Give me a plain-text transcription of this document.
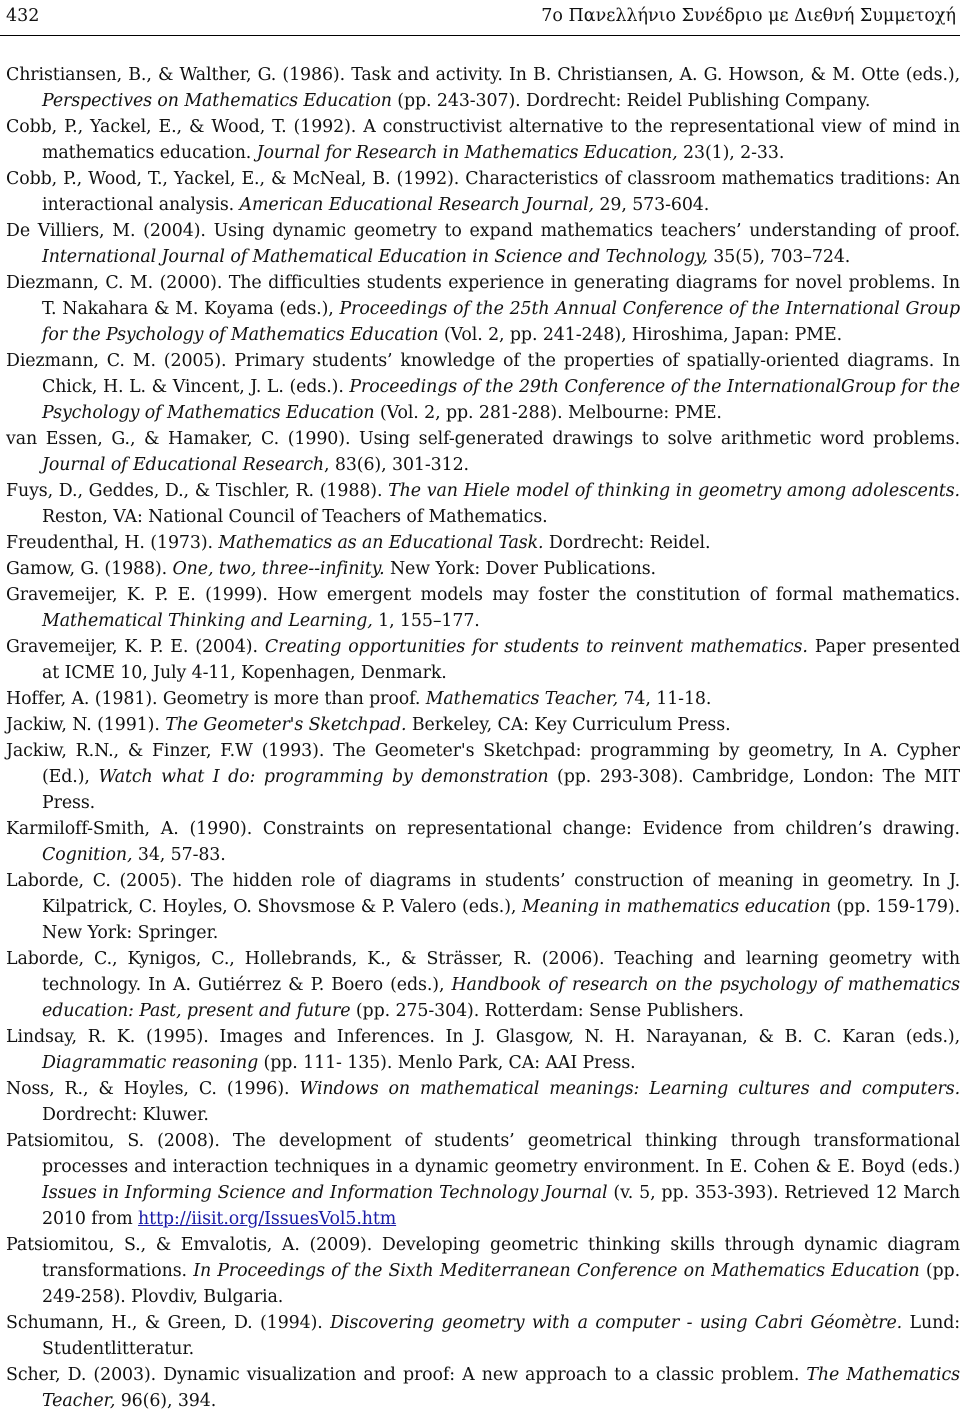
432	7ο Πανελλήνιο Συνέδριο με Διεθνή Συμμετοχή

Christiansen, B., & Walther, G. (1986). Task and activity. In B. Christiansen, A. G. Howson, & M. Otte (eds.), Perspectives on Mathematics Education (pp. 243-307). Dordrecht: Reidel Publishing Company.

Cobb, P., Yackel, E., & Wood, T. (1992). A constructivist alternative to the representational view of mind in mathematics education. Journal for Research in Mathematics Education, 23(1), 2-33.

Cobb, P., Wood, T., Yackel, E., & McNeal, B. (1992). Characteristics of classroom mathematics traditions: An interactional analysis. American Educational Research Journal, 29, 573-604.

De Villiers, M. (2004). Using dynamic geometry to expand mathematics teachers’ understanding of proof. International Journal of Mathematical Education in Science and Technology, 35(5), 703–724.

Diezmann, C. M. (2000). The difficulties students experience in generating diagrams for novel problems. In T. Nakahara & M. Koyama (eds.), Proceedings of the 25th Annual Conference of the International Group for the Psychology of Mathematics Education (Vol. 2, pp. 241-248), Hiroshima, Japan: PME.

Diezmann, C. M. (2005). Primary students’ knowledge of the properties of spatially-oriented diagrams. In Chick, H. L. & Vincent, J. L. (eds.). Proceedings of the 29th Conference of the InternationalGroup for the Psychology of Mathematics Education (Vol. 2, pp. 281-288). Melbourne: PME.

van Essen, G., & Hamaker, C. (1990). Using self-generated drawings to solve arithmetic word problems. Journal of Educational Research, 83(6), 301-312.

Fuys, D., Geddes, D., & Tischler, R. (1988). The van Hiele model of thinking in geometry among adolescents. Reston, VA: National Council of Teachers of Mathematics.

Freudenthal, H. (1973). Mathematics as an Educational Task. Dordrecht: Reidel.

Gamow, G. (1988). One, two, three--infinity. New York: Dover Publications.

Gravemeijer, K. P. E. (1999). How emergent models may foster the constitution of formal mathematics. Mathematical Thinking and Learning, 1, 155–177.

Gravemeijer, K. P. E. (2004). Creating opportunities for students to reinvent mathematics. Paper presented at ICME 10, July 4-11, Kopenhagen, Denmark.

Hoffer, A. (1981). Geometry is more than proof. Mathematics Teacher, 74, 11-18.

Jackiw, N. (1991). The Geometer's Sketchpad. Berkeley, CA: Key Curriculum Press.

Jackiw, R.N., & Finzer, F.W (1993). The Geometer's Sketchpad: programming by geometry, In A. Cypher (Ed.), Watch what I do: programming by demonstration (pp. 293-308). Cambridge, London: The MIT Press.

Karmiloff-Smith, A. (1990). Constraints on representational change: Evidence from children’s drawing. Cognition, 34, 57-83.

Laborde, C. (2005). The hidden role of diagrams in students’ construction of meaning in geometry. In J. Kilpatrick, C. Hoyles, O. Shovsmose & P. Valero (eds.), Meaning in mathematics education (pp. 159-179). New York: Springer.

Laborde, C., Kynigos, C., Hollebrands, K., & Strässer, R. (2006). Teaching and learning geometry with technology. In A. Gutiérrez & P. Boero (eds.), Handbook of research on the psychology of mathematics education: Past, present and future (pp. 275-304). Rotterdam: Sense Publishers.

Lindsay, R. K. (1995). Images and Inferences. In J. Glasgow, N. H. Narayanan, & B. C. Karan (eds.), Diagrammatic reasoning (pp. 111- 135). Menlo Park, CA: AAI Press.

Noss, R., & Hoyles, C. (1996). Windows on mathematical meanings: Learning cultures and computers. Dordrecht: Kluwer.

Patsiomitou, S. (2008). The development of students’ geometrical thinking through transformational processes and interaction techniques in a dynamic geometry environment. In E. Cohen & E. Boyd (eds.) Issues in Informing Science and Information Technology Journal (v. 5, pp. 353-393). Retrieved 12 March 2010 from http://iisit.org/IssuesVol5.htm

Patsiomitou, S., & Emvalotis, A. (2009). Developing geometric thinking skills through dynamic diagram transformations. In Proceedings of the Sixth Mediterranean Conference on Mathematics Education (pp. 249-258). Plovdiv, Bulgaria.

Schumann, H., & Green, D. (1994). Discovering geometry with a computer - using Cabri Géomètre. Lund: Studentlitteratur.

Scher, D. (2003). Dynamic visualization and proof: A new approach to a classic problem. The Mathematics Teacher, 96(6), 394.
